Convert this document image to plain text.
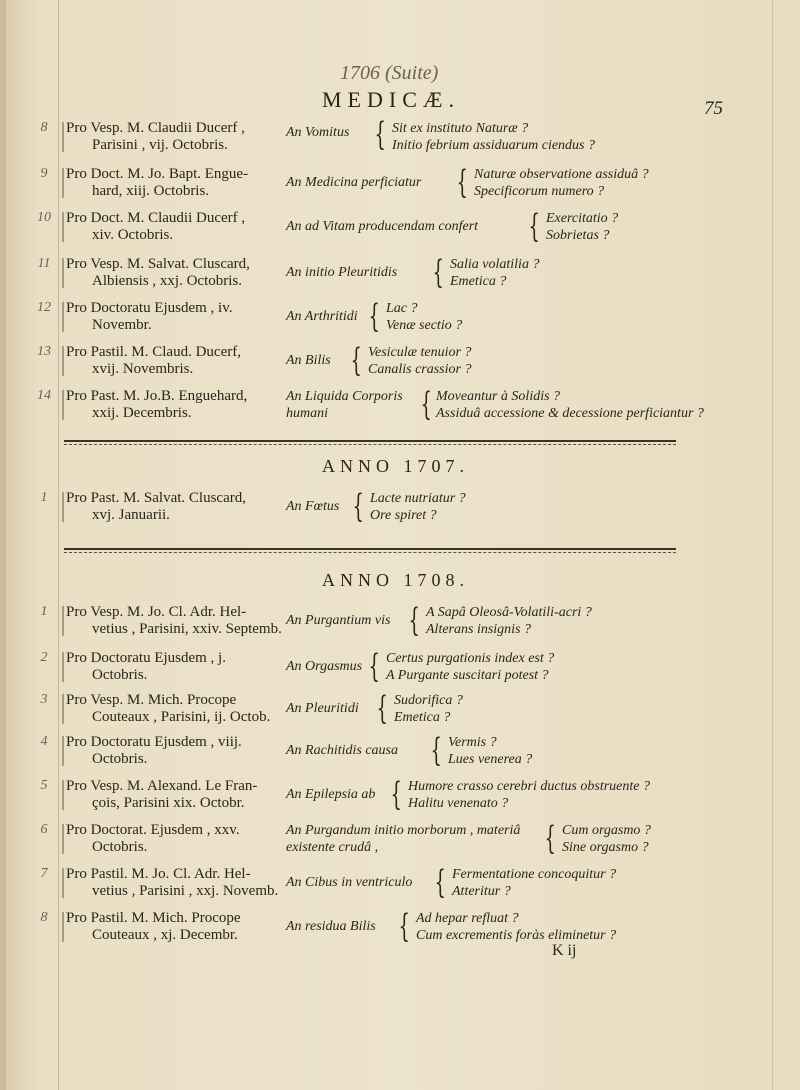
1706 (Suite)
MEDICÆ.	75
8	Pro Vesp. M. Claudii Ducerf ,
Parisini , vij. Octobris.
An Vomitus { Sit ex instituto Naturæ ?
Initio febrium assiduarum ciendus ?
9	Pro Doct. M. Jo. Bapt. Engue-
hard, xiij. Octobris.
An Medicina perficiatur { Naturæ observatione assiduâ ?
Specificorum numero ?
10 Pro Doct. M. Claudii Ducerf ,
xiv. Octobris.
An ad Vitam producendam confert { Exercitatio ?
Sobrietas ?
11 Pro Vesp. M. Salvat. Cluscard,
Albiensis , xxj. Octobris.
An initio Pleuritidis { Salia volatilia ?
Emetica ?
12 Pro Doctoratu Ejusdem , iv.
Novembr.
An Arthritidi { Lac ?
Venæ sectio ?
13 Pro Pastil. M. Claud. Ducerf,
xvij. Novembris.
An Bilis { Vesiculæ tenuior ?
Canalis crassior ?
14 Pro Past. M. Jo.B. Enguehard,
xxij. Decembris.
An Liquida Corporis humani	{ Moveantur à Solidis ?
Assiduâ accessione & decessione perficiantur ?
ANNO 1707.
1	Pro Past. M. Salvat. Cluscard,
xvj. Januarii.
An Fœtus { Lacte nutriatur ?
Ore spiret ?
ANNO 1708.
1	Pro Vesp. M. Jo. Cl. Adr. Hel-
vetius , Parisini, xxiv. Septemb.
An Purgantium vis { A Sapâ Oleosâ-Volatili-acri ?
Alterans insignis ?
2	Pro Doctoratu Ejusdem , j.
Octobris.
An Orgasmus { Certus purgationis index est ?
A Purgante suscitari potest ?
3	Pro Vesp. M. Mich. Procope
Couteaux , Parisini, ij. Octob.
An Pleuritidi { Sudorifica ?
Emetica ?
4	Pro Doctoratu Ejusdem , viij.
Octobris.
An Rachitidis causa { Vermis ?
Lues venerea ?
5	Pro Vesp. M. Alexand. Le Fran-
çois, Parisini xix. Octobr.
An Epilepsia ab { Humore crasso cerebri ductus obstruente ?
Halitu venenato ?
6	Pro Doctorat. Ejusdem , xxv.
Octobris.
An Purgandum initio morborum , materiâ existente crudâ ,	{ Cum orgasmo ?
Sine orgasmo ?
7	Pro Pastil. M. Jo. Cl. Adr. Hel-
vetius , Parisini , xxj. Novemb.
An Cibus in ventriculo { Fermentatione concoquitur ?
Atteritur ?
8	Pro Pastil. M. Mich. Procope
Couteaux , xj. Decembr.
An residua Bilis { Ad hepar refluat ?
Cum excrementis foràs eliminetur ?
K ij
